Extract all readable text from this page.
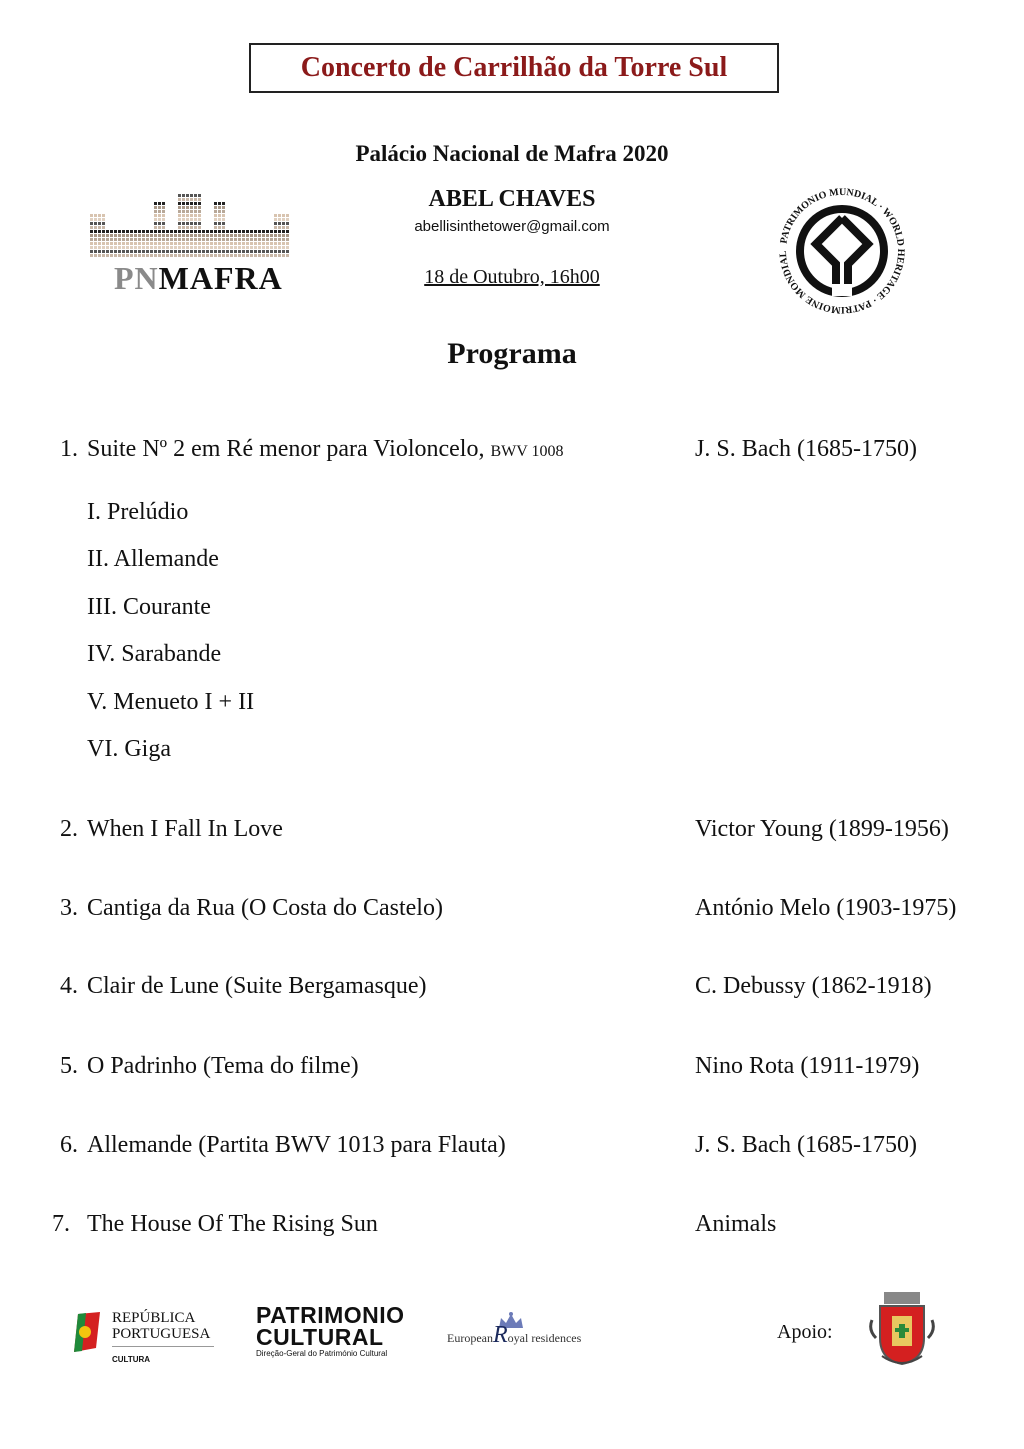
Concerto de Carrilhão da Torre Sul
PNMAFRA
Palácio Nacional de Mafra 2020
ABEL CHAVES
abellisinthetower@gmail.com
18 de Outubro, 16h00
PATRIMONIO MUNDIAL · WORLD HERITAGE · PATRIMOINE MONDIAL
Programa
1. Suite Nº 2 em Ré menor para Violoncelo, BWV 1008	J. S. Bach (1685-1750)
I. Prelúdio
II. Allemande
III. Courante
IV. Sarabande
V. Menueto I + II
VI. Giga
2. When I Fall In Love	Victor Young (1899-1956)
3. Cantiga da Rua (O Costa do Castelo)	António Melo (1903-1975)
4. Clair de Lune (Suite Bergamasque)	C. Debussy (1862-1918)
5. O Padrinho (Tema do filme)	Nino Rota (1911-1979)
6. Allemande (Partita BWV 1013 para Flauta)	J. S. Bach (1685-1750)
7. The House Of The Rising Sun	Animals
REPÚBLICA
PORTUGUESA
CULTURA
PATRIMONIO
CULTURAL
Direção-Geral do Património Cultural
EuropeanRoyal residences	Apoio:
